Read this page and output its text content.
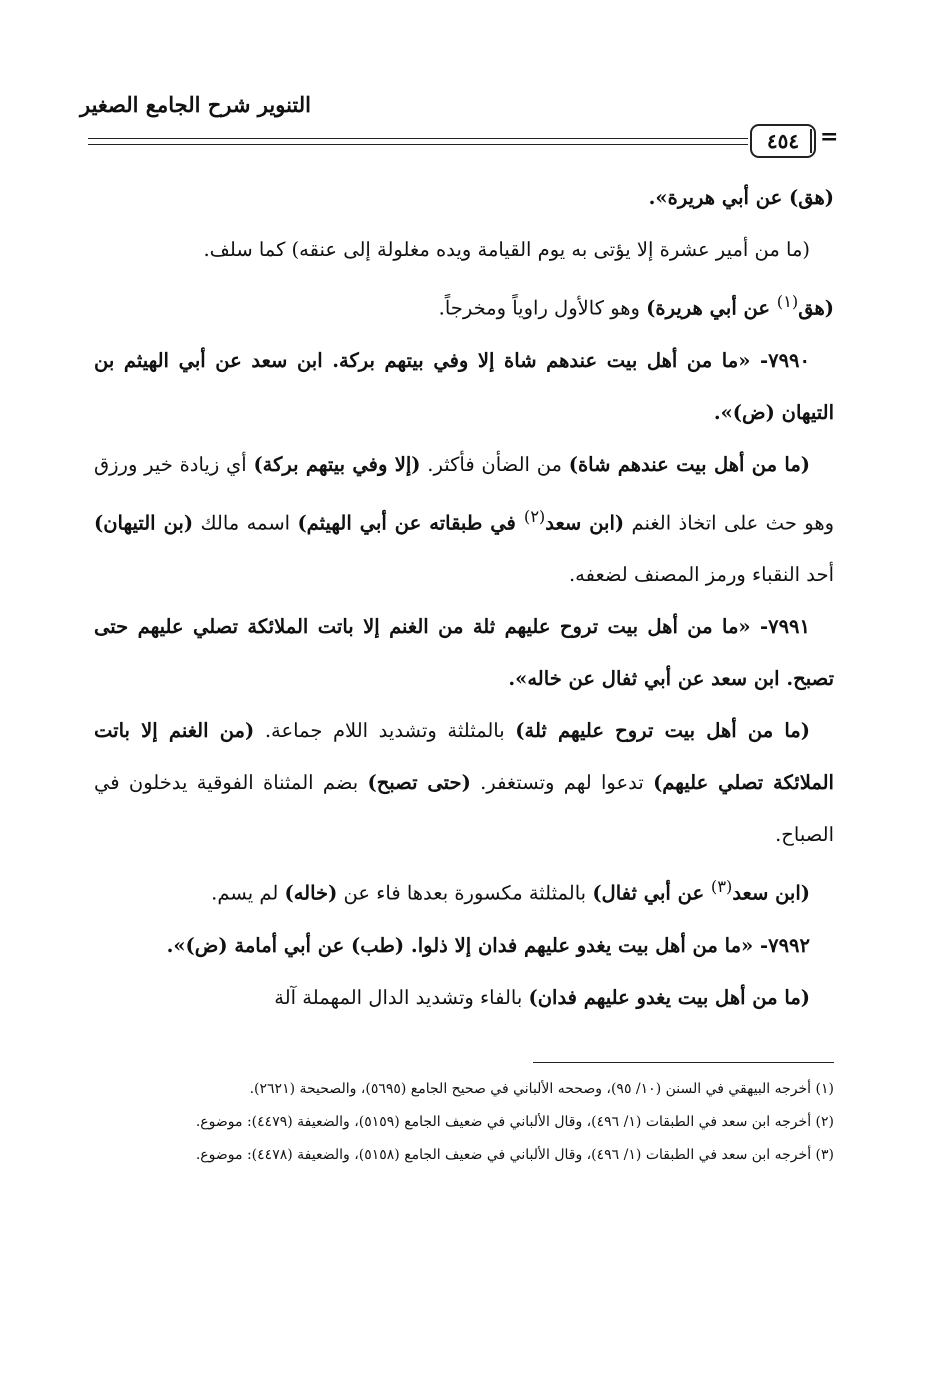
التنوير شرح الجامع الصغير
٤٥٤ =

(هق) عن أبي هريرة».

(ما من أمير عشرة إلا يؤتى به يوم القيامة ويده مغلولة إلى عنقه) كما سلف.

(هق$^{(١)}$ عن أبي هريرة) وهو كالأول راوياً ومخرجاً.

٧٩٩٠- «ما من أهل بيت عندهم شاة إلا وفي بيتهم بركة. ابن سعد عن أبي الهيثم بن التيهان (ض)».

(ما من أهل بيت عندهم شاة) من الضأن فأكثر. (إلا وفي بيتهم بركة) أي زيادة خير ورزق وهو حث على اتخاذ الغنم (ابن سعد$^{(٢)}$ في طبقاته عن أبي الهيثم) اسمه مالك (بن التيهان) أحد النقباء ورمز المصنف لضعفه.

٧٩٩١- «ما من أهل بيت تروح عليهم ثلة من الغنم إلا باتت الملائكة تصلي عليهم حتى تصبح. ابن سعد عن أبي ثفال عن خاله».

(ما من أهل بيت تروح عليهم ثلة) بالمثلثة وتشديد اللام جماعة. (من الغنم إلا باتت الملائكة تصلي عليهم) تدعوا لهم وتستغفر. (حتى تصبح) بضم المثناة الفوقية يدخلون في الصباح.

(ابن سعد$^{(٣)}$ عن أبي ثفال) بالمثلثة مكسورة بعدها فاء عن (خاله) لم يسم.

٧٩٩٢- «ما من أهل بيت يغدو عليهم فدان إلا ذلوا. (طب) عن أبي أمامة (ض)».

(ما من أهل بيت يغدو عليهم فدان) بالفاء وتشديد الدال المهملة آلة

(١) أخرجه البيهقي في السنن (١٠/ ٩٥)، وصححه الألباني في صحيح الجامع (٥٦٩٥)، والصحيحة (٢٦٢١).

(٢) أخرجه ابن سعد في الطبقات (١/ ٤٩٦)، وقال الألباني في ضعيف الجامع (٥١٥٩)، والضعيفة (٤٤٧٩): موضوع.

(٣) أخرجه ابن سعد في الطبقات (١/ ٤٩٦)، وقال الألباني في ضعيف الجامع (٥١٥٨)، والضعيفة (٤٤٧٨): موضوع.
